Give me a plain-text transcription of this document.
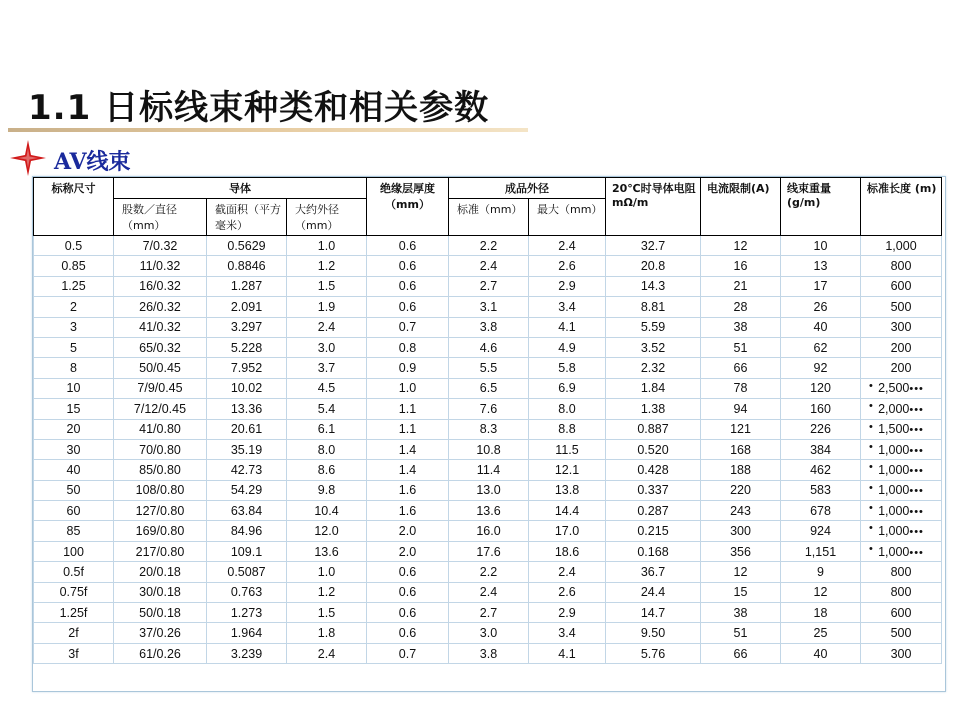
1.1 日标线束种类和相关参数
AV线束
标称尺寸	导体			绝缘层厚度 （mm）	成品外径		20℃时导体电阻 mΩ/m	电流限制(A)	线束重量 (g/m)	标准长度 (m)
	股数／直径 （mm）	截面积（平方毫米）	大约外径 （mm）		标准（mm）	最大（mm）				
0.5	7/0.32	0.5629	1.0	0.6	2.2	2.4	32.7	12	10	1,000
0.85	11/0.32	0.8846	1.2	0.6	2.4	2.6	20.8	16	13	800
1.25	16/0.32	1.287	1.5	0.6	2.7	2.9	14.3	21	17	600
2	26/0.32	2.091	1.9	0.6	3.1	3.4	8.81	28	26	500
3	41/0.32	3.297	2.4	0.7	3.8	4.1	5.59	38	40	300
5	65/0.32	5.228	3.0	0.8	4.6	4.9	3.52	51	62	200
8	50/0.45	7.952	3.7	0.9	5.5	5.8	2.32	66	92	200
10	7/9/0.45	10.02	4.5	1.0	6.5	6.9	1.84	78	120	• 2,500•••
15	7/12/0.45	13.36	5.4	1.1	7.6	8.0	1.38	94	160	• 2,000•••
20	41/0.80	20.61	6.1	1.1	8.3	8.8	0.887	121	226	• 1,500•••
30	70/0.80	35.19	8.0	1.4	10.8	11.5	0.520	168	384	• 1,000•••
40	85/0.80	42.73	8.6	1.4	11.4	12.1	0.428	188	462	• 1,000•••
50	108/0.80	54.29	9.8	1.6	13.0	13.8	0.337	220	583	• 1,000•••
60	127/0.80	63.84	10.4	1.6	13.6	14.4	0.287	243	678	• 1,000•••
85	169/0.80	84.96	12.0	2.0	16.0	17.0	0.215	300	924	• 1,000•••
100	217/0.80	109.1	13.6	2.0	17.6	18.6	0.168	356	1,151	• 1,000•••
0.5f	20/0.18	0.5087	1.0	0.6	2.2	2.4	36.7	12	9	800
0.75f	30/0.18	0.763	1.2	0.6	2.4	2.6	24.4	15	12	800
1.25f	50/0.18	1.273	1.5	0.6	2.7	2.9	14.7	38	18	600
2f	37/0.26	1.964	1.8	0.6	3.0	3.4	9.50	51	25	500
3f	61/0.26	3.239	2.4	0.7	3.8	4.1	5.76	66	40	300
